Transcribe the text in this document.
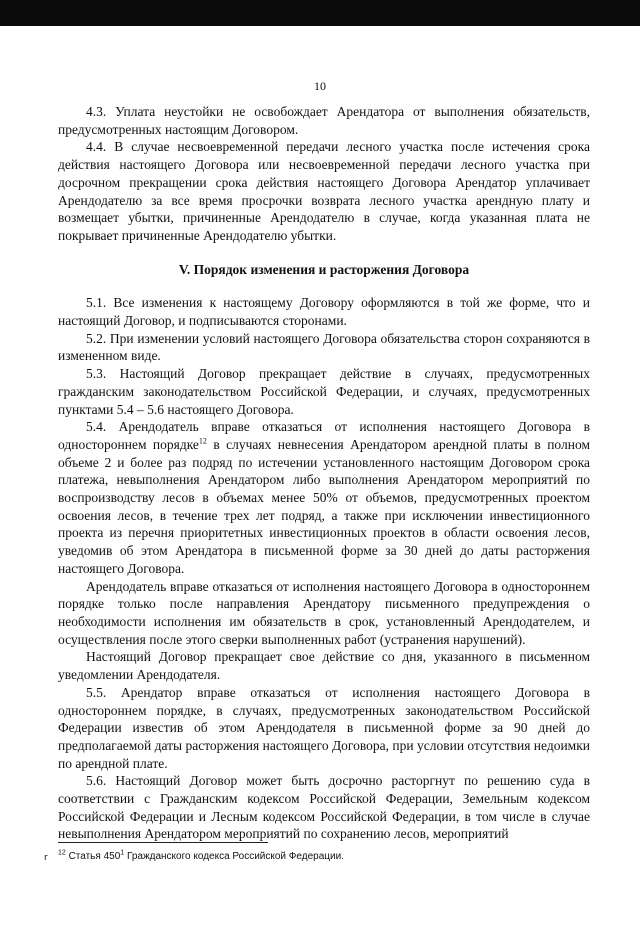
10

4.3. Уплата неустойки не освобождает Арендатора от выполнения обязательств, предусмотренных настоящим Договором.

4.4. В случае несвоевременной передачи лесного участка после истечения срока действия настоящего Договора или несвоевременной передачи лесного участка при досрочном прекращении срока действия настоящего Договора Арендатор уплачивает Арендодателю за все время просрочки возврата лесного участка арендную плату и возмещает убытки, причиненные Арендодателю в случае, когда указанная плата не покрывает причиненные Арендодателю убытки.

V. Порядок изменения и расторжения Договора

5.1. Все изменения к настоящему Договору оформляются в той же форме, что и настоящий Договор, и подписываются сторонами.

5.2. При изменении условий настоящего Договора обязательства сторон сохраняются в измененном виде.

5.3. Настоящий Договор прекращает действие в случаях, предусмотренных гражданским законодательством Российской Федерации, и случаях, предусмотренных пунктами 5.4 – 5.6 настоящего Договора.

5.4. Арендодатель вправе отказаться от исполнения настоящего Договора в одностороннем порядке$^{12}$ в случаях невнесения Арендатором арендной платы в полном объеме 2 и более раз подряд по истечении установленного настоящим Договором срока платежа, невыполнения Арендатором либо выполнения Арендатором мероприятий по воспроизводству лесов в объемах менее 50% от объемов, предусмотренных проектом освоения лесов, в течение трех лет подряд, а также при исключении инвестиционного проекта из перечня приоритетных инвестиционных проектов в области освоения лесов, уведомив об этом Арендатора в письменной форме за 30 дней до даты расторжения настоящего Договора.

Арендодатель вправе отказаться от исполнения настоящего Договора в одностороннем порядке только после направления Арендатору письменного предупреждения о необходимости исполнения им обязательств в срок, установленный Арендодателем, и осуществления после этого сверки выполненных работ (устранения нарушений).

Настоящий Договор прекращает свое действие со дня, указанного в письменном уведомлении Арендодателя.

5.5. Арендатор вправе отказаться от исполнения настоящего Договора в одностороннем порядке, в случаях, предусмотренных законодательством Российской Федерации известив об этом Арендодателя в письменной форме за 90 дней до предполагаемой даты расторжения настоящего Договора, при условии отсутствия недоимки по арендной плате.

5.6. Настоящий Договор может быть досрочно расторгнут по решению суда в соответствии с Гражданским кодексом Российской Федерации, Земельным кодексом Российской Федерации и Лесным кодексом Российской Федерации, в том числе в случае невыполнения Арендатором мероприятий по сохранению лесов, мероприятий

r $^{12}$ Статья $450^1$ Гражданского кодекса Российской Федерации.
